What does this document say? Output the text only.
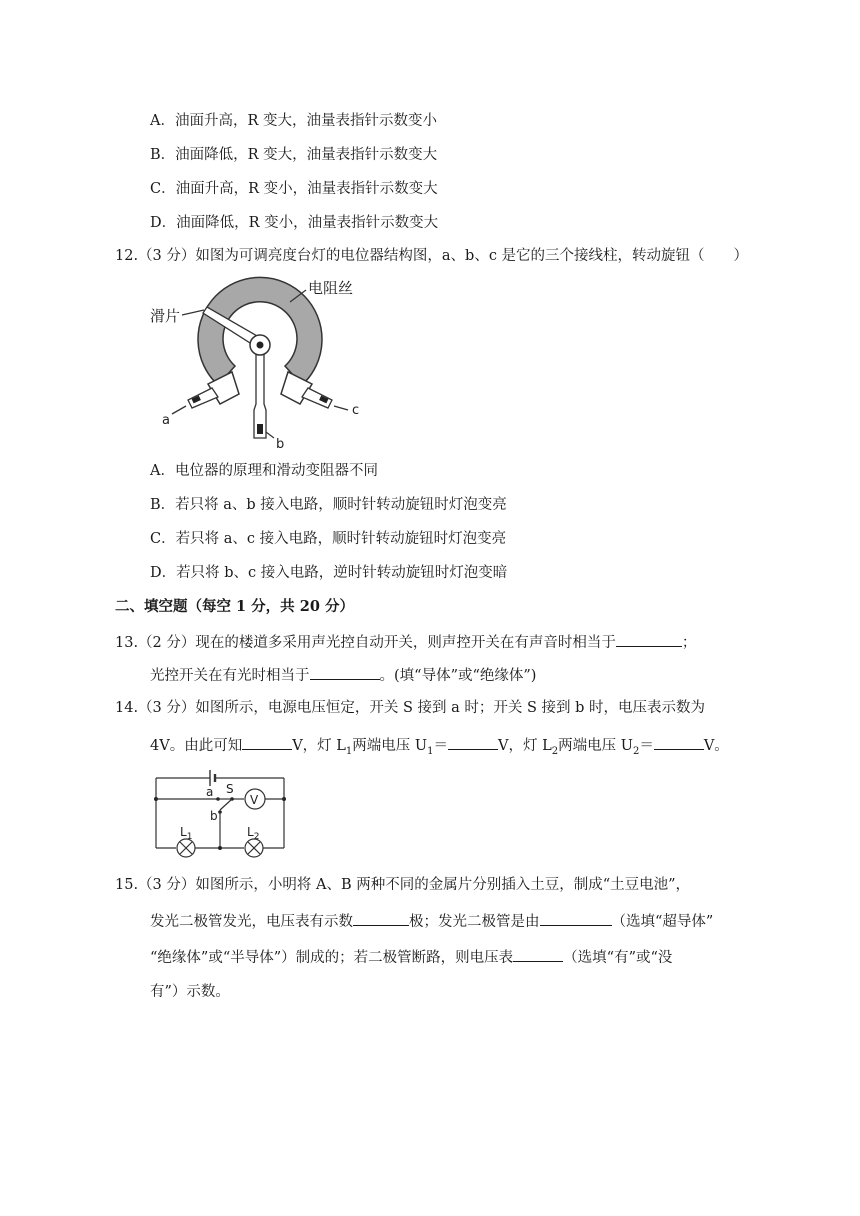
A．油面升高，R 变大，油量表指针示数变小
B．油面降低，R 变大，油量表指针示数变大
C．油面升高，R 变小，油量表指针示数变大
D．油面降低，R 变小，油量表指针示数变大
12.（3 分）如图为可调亮度台灯的电位器结构图，a、b、c 是它的三个接线柱，转动旋钮（　　）
电阻丝
滑片
a
b
c
A．电位器的原理和滑动变阻器不同
B．若只将 a、b 接入电路，顺时针转动旋钮时灯泡变亮
C．若只将 a、c 接入电路，顺时针转动旋钮时灯泡变亮
D．若只将 b、c 接入电路，逆时针转动旋钮时灯泡变暗
二、填空题（每空 1 分，共 20 分）
13.（2 分）现在的楼道多采用声光控自动开关，则声控开关在有声音时相当于	；
光控开关在有光时相当于	。(填“导体”或“绝缘体”)
14.（3 分）如图所示，电源电压恒定，开关 S 接到 a 时；开关 S 接到 b 时，电压表示数为
4V。由此可知	V，灯 $L_1$两端电压 $U_1=$	V，灯 $L_2$两端电压 $U_2=$	V。
V
a S
b
$L_1$	$L_2$
15.（3 分）如图所示，小明将 A、B 两种不同的金属片分别插入土豆，制成“土豆电池”，
发光二极管发光，电压表有示数	极；发光二极管是由	（选填“超导体”
“绝缘体”或“半导体”）制成的；若二极管断路，则电压表	（选填“有”或“没
有”）示数。
